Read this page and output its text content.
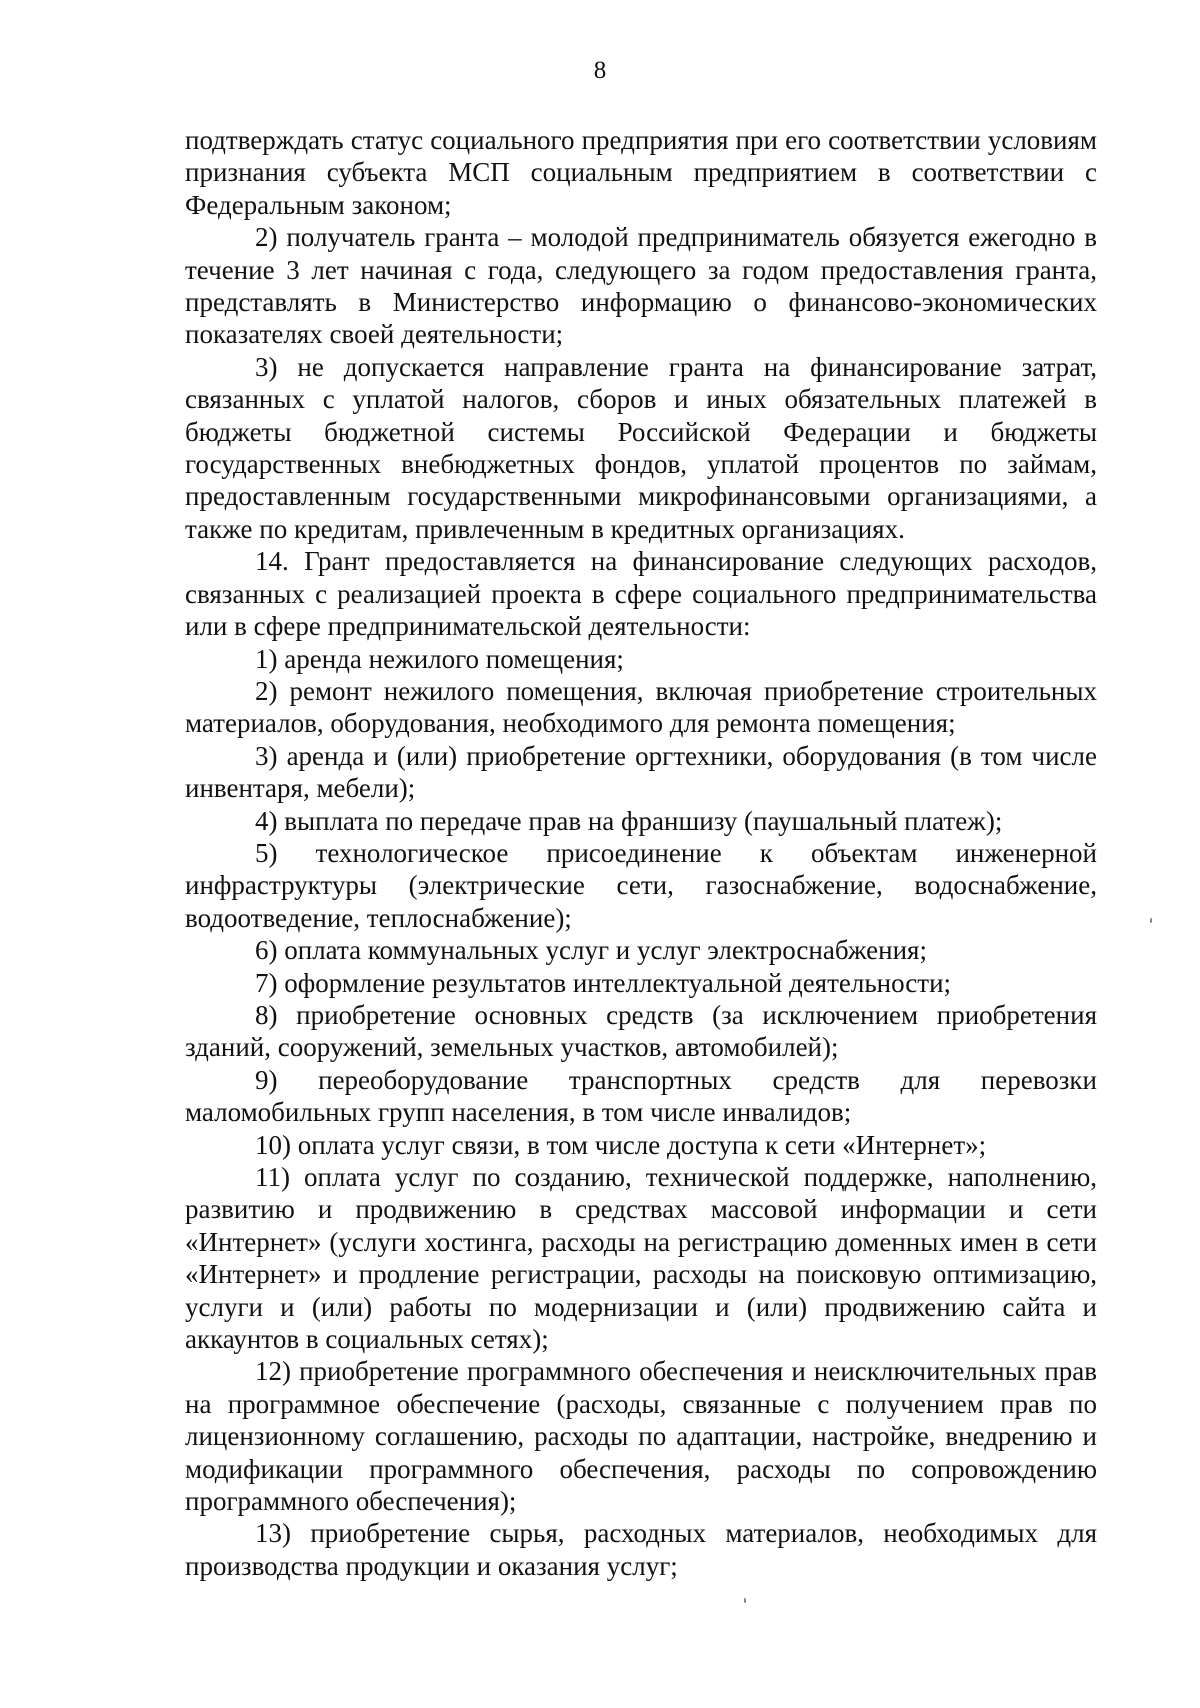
8

подтверждать статус социального предприятия при его соответствии условиям признания субъекта МСП социальным предприятием в соответствии с Федеральным законом;

2) получатель гранта – молодой предприниматель обязуется ежегодно в течение 3 лет начиная с года, следующего за годом предоставления гранта, представлять в Министерство информацию о финансово-экономических показателях своей деятельности;

3) не допускается направление гранта на финансирование затрат, связанных с уплатой налогов, сборов и иных обязательных платежей в бюджеты бюджетной системы Российской Федерации и бюджеты государственных внебюджетных фондов, уплатой процентов по займам, предоставленным государственными микрофинансовыми организациями, а также по кредитам, привлеченным в кредитных организациях.

14. Грант предоставляется на финансирование следующих расходов, связанных с реализацией проекта в сфере социального предпринимательства или в сфере предпринимательской деятельности:

1) аренда нежилого помещения;

2) ремонт нежилого помещения, включая приобретение строительных материалов, оборудования, необходимого для ремонта помещения;

3) аренда и (или) приобретение оргтехники, оборудования (в том числе инвентаря, мебели);

4) выплата по передаче прав на франшизу (паушальный платеж);

5) технологическое присоединение к объектам инженерной инфраструктуры (электрические сети, газоснабжение, водоснабжение, водоотведение, теплоснабжение);

6) оплата коммунальных услуг и услуг электроснабжения;

7) оформление результатов интеллектуальной деятельности;

8) приобретение основных средств (за исключением приобретения зданий, сооружений, земельных участков, автомобилей);

9) переоборудование транспортных средств для перевозки маломобильных групп населения, в том числе инвалидов;

10) оплата услуг связи, в том числе доступа к сети «Интернет»;

11) оплата услуг по созданию, технической поддержке, наполнению, развитию и продвижению в средствах массовой информации и сети «Интернет» (услуги хостинга, расходы на регистрацию доменных имен в сети «Интернет» и продление регистрации, расходы на поисковую оптимизацию, услуги и (или) работы по модернизации и (или) продвижению сайта и аккаунтов в социальных сетях);

12) приобретение программного обеспечения и неисключительных прав на программное обеспечение (расходы, связанные с получением прав по лицензионному соглашению, расходы по адаптации, настройке, внедрению и модификации программного обеспечения, расходы по сопровождению программного обеспечения);

13) приобретение сырья, расходных материалов, необходимых для производства продукции и оказания услуг;
